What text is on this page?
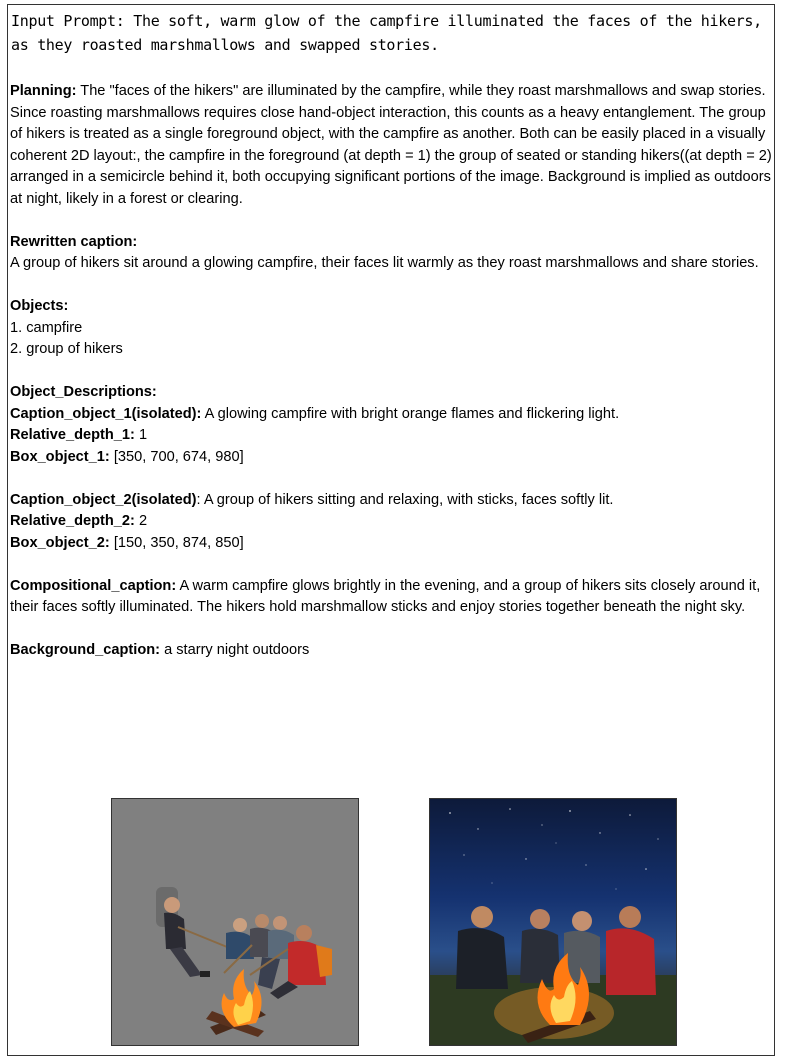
Input Prompt: The soft, warm glow of the campfire illuminated the faces of the hikers, as they roasted marshmallows and swapped stories.

Planning: The "faces of the hikers" are illuminated by the campfire, while they roast marshmallows and swap stories. Since roasting marshmallows requires close hand-object interaction, this counts as a heavy entanglement. The group of hikers is treated as a single foreground object, with the campfire as another. Both can be easily placed in a visually coherent 2D layout:, the campfire in the foreground (at depth = 1) the group of seated or standing hikers((at depth = 2) arranged in a semicircle behind it, both occupying significant portions of the image. Background is implied as outdoors at night, likely in a forest or clearing.

Rewritten caption:

A group of hikers sit around a glowing campfire, their faces lit warmly as they roast marshmallows and share stories.

Objects:

1. campfire

2. group of hikers

Object_Descriptions:

Caption_object_1(isolated): A glowing campfire with bright orange flames and flickering light.

Relative_depth_1: 1

Box_object_1: [350, 700, 674, 980]

Caption_object_2(isolated): A group of hikers sitting and relaxing, with sticks, faces softly lit.

Relative_depth_2: 2

Box_object_2: [150, 350, 874, 850]

Compositional_caption: A warm campfire glows brightly in the evening, and a group of hikers sits closely around it, their faces softly illuminated. The hikers hold marshmallow sticks and enjoy stories together beneath the night sky.

Background_caption: a starry night outdoors
